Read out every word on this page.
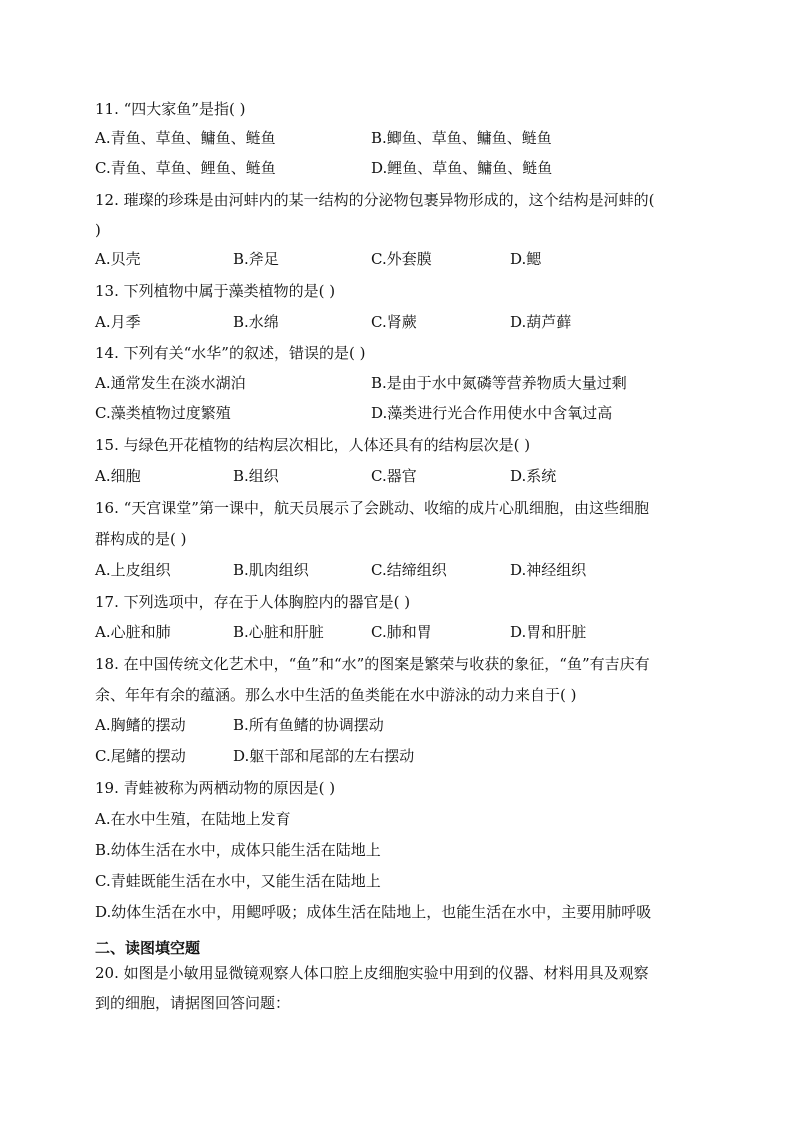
11. “四大家鱼”是指( )
A.青鱼、草鱼、鳙鱼、鲢鱼	B.鲫鱼、草鱼、鳙鱼、鲢鱼
C.青鱼、草鱼、鲤鱼、鲢鱼	D.鲤鱼、草鱼、鳙鱼、鲢鱼
12. 璀璨的珍珠是由河蚌内的某一结构的分泌物包裹异物形成的，这个结构是河蚌的(
)
A.贝壳	B.斧足	C.外套膜	D.鳃
13. 下列植物中属于藻类植物的是( )
A.月季	B.水绵	C.肾蕨	D.葫芦藓
14. 下列有关“水华”的叙述，错误的是( )
A.通常发生在淡水湖泊	B.是由于水中氮磷等营养物质大量过剩
C.藻类植物过度繁殖	D.藻类进行光合作用使水中含氧过高
15. 与绿色开花植物的结构层次相比，人体还具有的结构层次是( )
A.细胞	B.组织	C.器官	D.系统
16. “天宫课堂”第一课中，航天员展示了会跳动、收缩的成片心肌细胞，由这些细胞
群构成的是( )
A.上皮组织	B.肌肉组织	C.结缔组织	D.神经组织
17. 下列选项中，存在于人体胸腔内的器官是( )
A.心脏和肺	B.心脏和肝脏	C.肺和胃	D.胃和肝脏
18. 在中国传统文化艺术中，“鱼”和“水”的图案是繁荣与收获的象征，“鱼”有吉庆有
余、年年有余的蕴涵。那么水中生活的鱼类能在水中游泳的动力来自于( )
A.胸鳍的摆动	B.所有鱼鳍的协调摆动
C.尾鳍的摆动	D.躯干部和尾部的左右摆动
19. 青蛙被称为两栖动物的原因是( )
A.在水中生殖，在陆地上发育
B.幼体生活在水中，成体只能生活在陆地上
C.青蛙既能生活在水中，又能生活在陆地上
D.幼体生活在水中，用鳃呼吸；成体生活在陆地上，也能生活在水中，主要用肺呼吸
二、读图填空题
20. 如图是小敏用显微镜观察人体口腔上皮细胞实验中用到的仪器、材料用具及观察
到的细胞，请据图回答问题：
